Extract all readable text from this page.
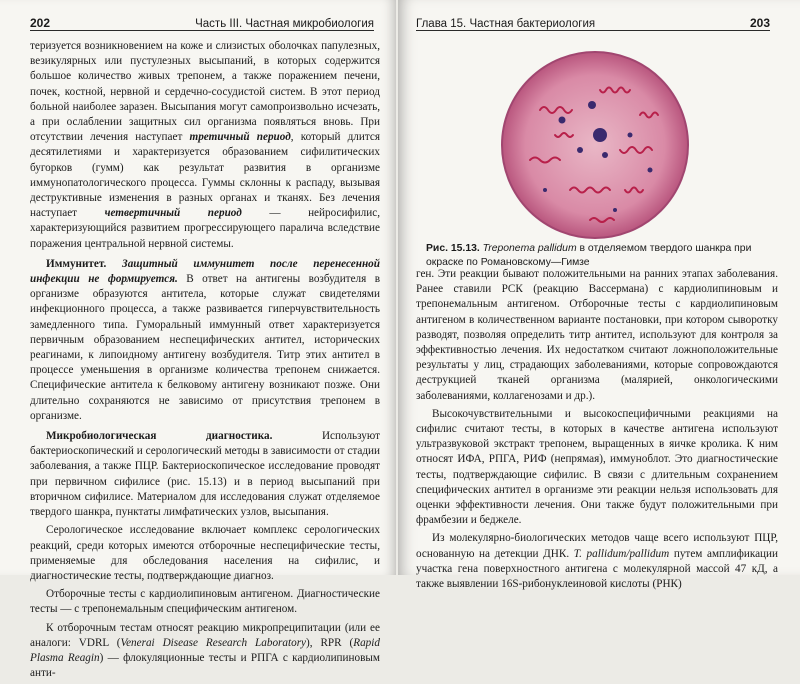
202	Часть III. Частная микробиология

теризуется возникновением на коже и слизистых оболочках папулезных, везикулярных или пустулезных высыпаний, в которых содержится большое количество живых трепонем, а также поражением печени, почек, костной, нервной и сердечно-сосудистой систем. В этот период больной наиболее заразен. Высыпания могут самопроизвольно исчезать, а при ослаблении защитных сил организма появляться вновь. При отсутствии лечения наступает третичный период, который длится десятилетиями и характеризуется образованием сифилитических бугорков (гумм) как результат развития в организме иммунопатологического процесса. Гуммы склонны к распаду, вызывая деструктивные изменения в разных органах и тканях. Без лечения наступает четвертичный период — нейросифилис, характеризующийся развитием прогрессирующего паралича вследствие поражения центральной нервной системы.

Иммунитет. Защитный иммунитет после перенесенной инфекции не формируется. В ответ на антигены возбудителя в организме образуются антитела, которые служат свидетелями инфекционного процесса, а также развивается гиперчувствительность замедленного типа. Гуморальный иммунный ответ характеризуется первичным образованием неспецифических антител, исторических реагинами, к липоидному антигену возбудителя. Титр этих антител в процессе уменьшения в организме количества трепонем снижается. Специфические антитела к белковому антигену возникают позже. Они длительно сохраняются не зависимо от присутствия трепонем в организме.

Микробиологическая диагностика. Используют бактериоскопический и серологический методы в зависимости от стадии заболевания, а также ПЦР. Бактериоскопическое исследование проводят при первичном сифилисе (рис. 15.13) и в период высыпаний при вторичном сифилисе. Материалом для исследования служат отделяемое твердого шанкра, пунктаты лимфатических узлов, высыпания.

Серологическое исследование включает комплекс серологических реакций, среди которых имеются отборочные неспецифические тесты, применяемые для обследования населения на сифилис, и диагностические тесты, подтверждающие диагноз.

Отборочные тесты с кардиолипиновым антигеном. Диагностические тесты — с трепонемальным специфическим антигеном.

К отборочным тестам относят реакцию микропреципитации (или ее аналоги: VDRL (Venerai Disease Research Laboratory), RPR (Rapid Plasma Reagin) — флокуляционные тесты и РПГА с кардиолипиновым анти-

Глава 15. Частная бактериология	203
Рис. 15.13. Treponema pallidum в отделяемом твердого шанкра при окраске по Романовскому—Гимзе

ген. Эти реакции бывают положительными на ранних этапах заболевания. Ранее ставили РСК (реакцию Вассермана) с кардиолипиновым и трепонемальным антигеном. Отборочные тесты с кардиолипиновым антигеном в количественном варианте постановки, при котором сыворотку разводят, позволяя определить титр антител, используют для контроля за эффективностью лечения. Их недостатком считают ложноположительные результаты у лиц, страдающих заболеваниями, которые сопровождаются деструкцией тканей организма (малярией, онкологическими заболеваниями, коллагенозами и др.).

Высокочувствительными и высокоспецифичными реакциями на сифилис считают тесты, в которых в качестве антигена используют ультразвуковой экстракт трепонем, выращенных в яичке кролика. К ним относят ИФА, РПГА, РИФ (непрямая), иммуноблот. Это диагностические тесты, подтверждающие сифилис. В связи с длительным сохранением специфических антител в организме эти реакции нельзя использовать для оценки эффективности лечения. Они также будут положительными при фрамбезии и беджеле.

Из молекулярно-биологических методов чаще всего используют ПЦР, основанную на детекции ДНК. T. pallidum/pallidum путем амплификации участка гена поверхностного антигена с молекулярной массой 47 кД, а также выявлении 16S-рибонуклеиновой кислоты (РНК)
